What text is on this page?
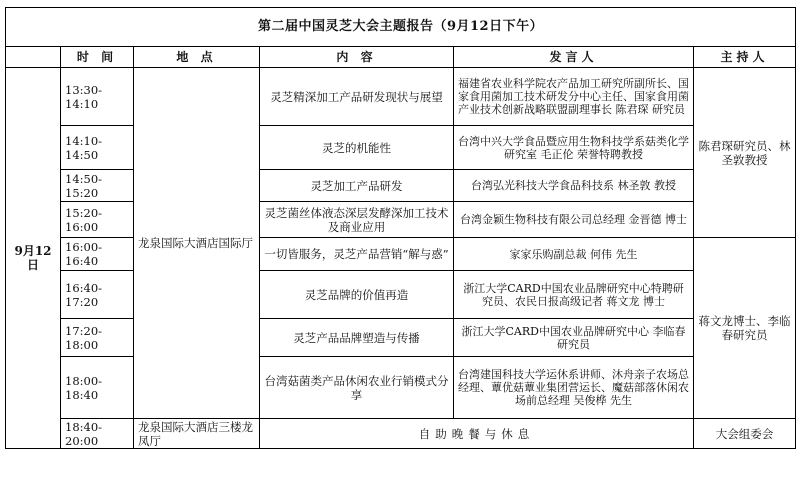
第二届中国灵芝大会主题报告（9月12日下午）					
	时 间	地 点	内 容	发言人	主持人
9月12日	13:30-14:10	龙泉国际大酒店国际厅	灵芝精深加工产品研发现状与展望	福建省农业科学院农产品加工研究所副所长、国家食用菌加工技术研发分中心主任、国家食用菌产业技术创新战略联盟副理事长 陈君琛 研究员	陈君琛研究员、林圣敦教授
	14:10-14:50		灵芝的机能性	台湾中兴大学食品暨应用生物科技学系菇类化学研究室 毛正伦 荣誉特聘教授	
	14:50-15:20		灵芝加工产品研发	台湾弘光科技大学食品科技系 林圣敦 教授	
	15:20-16:00		灵芝菌丝体液态深层发酵深加工技术及商业应用	台湾金颖生物科技有限公司总经理 金晋德 博士	
	16:00-16:40		一切皆服务，灵芝产品营销“解与惑”	家家乐购副总裁 何伟 先生	蒋文龙博士、李临春研究员
	16:40-17:20		灵芝品牌的价值再造	浙江大学CARD中国农业品牌研究中心特聘研究员、农民日报高级记者 蒋文龙 博士	
	17:20-18:00		灵芝产品品牌塑造与传播	浙江大学CARD中国农业品牌研究中心 李临春 研究员	
	18:00-18:40		台湾菇菌类产品休闲农业行销模式分享	台湾建国科技大学运休系讲师、沐舟亲子农场总经理、蕈优菇蕈业集团营运长、魔菇部落休闲农场前总经理 吴俊桦 先生	
	18:40-20:00	龙泉国际大酒店三楼龙凤厅	自助晚餐与休息		大会组委会
